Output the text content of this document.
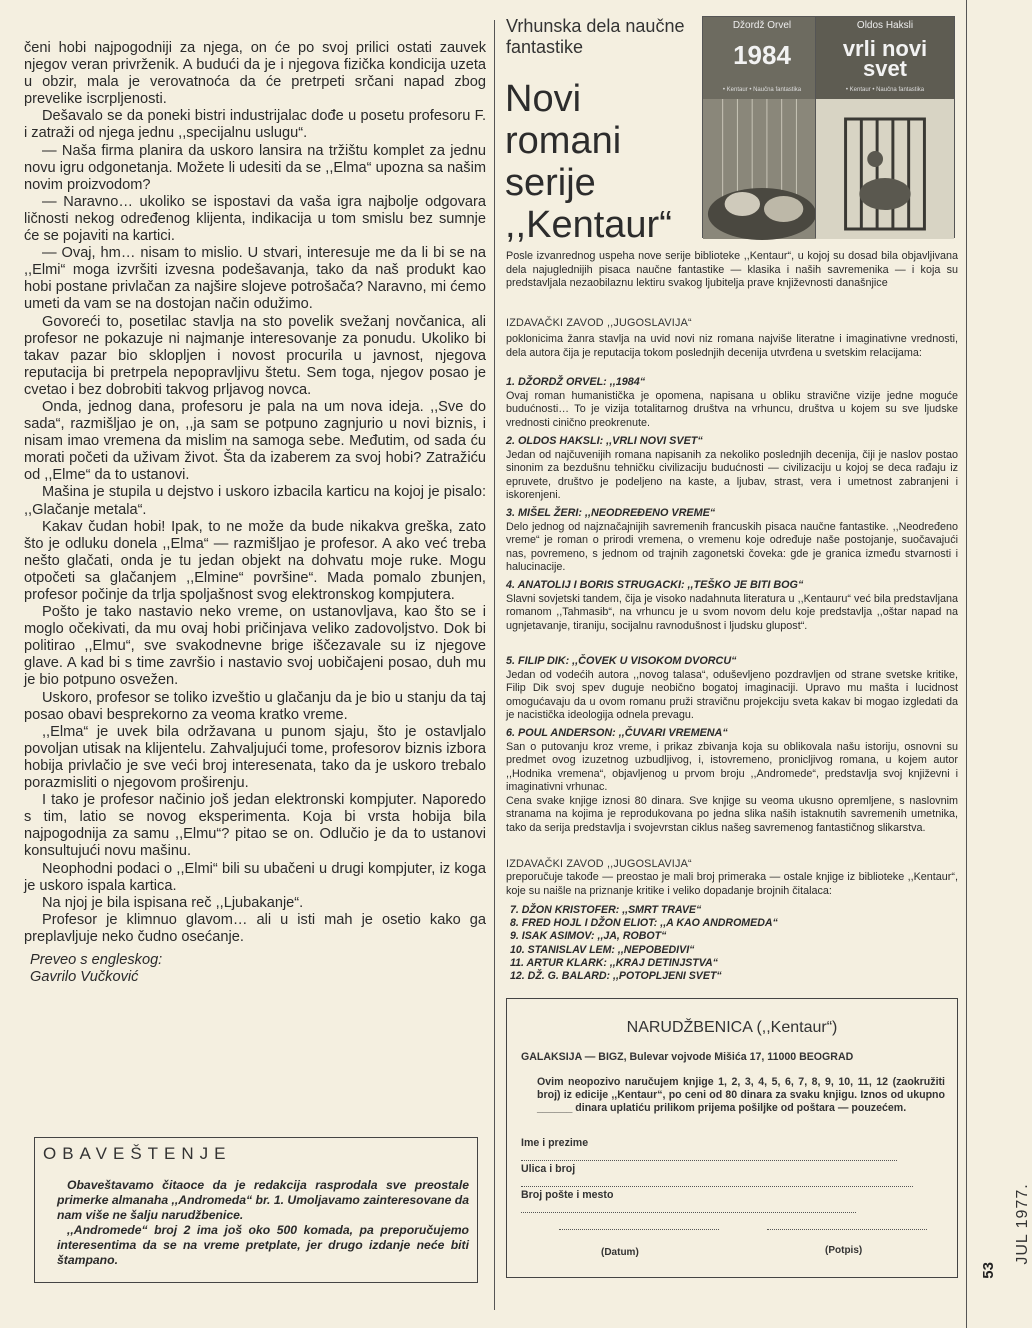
čeni hobi najpogodniji za njega, on će po svoj prilici ostati zauvek njegov veran privrženik. A budući da je i njegova fizička kondicija uzeta u obzir, mala je verovatnoća da će pretrpeti srčani napad zbog prevelike iscrpljenosti.

Dešavalo se da poneki bistri industrijalac dođe u posetu profesoru F. i zatraži od njega jednu ,,specijalnu uslugu“.

— Naša firma planira da uskoro lansira na tržištu komplet za jednu novu igru odgonetanja. Možete li udesiti da se ,,Elma“ upozna sa našim novim proizvodom?

— Naravno… ukoliko se ispostavi da vaša igra najbolje odgovara ličnosti nekog određenog klijenta, indikacija u tom smislu bez sumnje će se pojaviti na kartici.

— Ovaj, hm… nisam to mislio. U stvari, interesuje me da li bi se na ,,Elmi“ moga izvršiti izvesna podešavanja, tako da naš produkt kao hobi postane privlačan za najšire slojeve potrošača? Naravno, mi ćemo umeti da vam se na dostojan način odužimo.

Govoreći to, posetilac stavlja na sto povelik svežanj novčanica, ali profesor ne pokazuje ni najmanje interesovanje za ponudu. Ukoliko bi takav pazar bio sklopljen i novost procurila u javnost, njegova reputacija bi pretrpela nepopravljivu štetu. Sem toga, njegov posao je cvetao i bez dobrobiti takvog prljavog novca.

Onda, jednog dana, profesoru je pala na um nova ideja. ,,Sve do sada“, razmišljao je on, ,,ja sam se potpuno zagnjurio u novi biznis, i nisam imao vremena da mislim na samoga sebe. Međutim, od sada ću morati početi da uživam život. Šta da izaberem za svoj hobi? Zatražiću od ,,Elme“ da to ustanovi.

Mašina je stupila u dejstvo i uskoro izbacila karticu na kojoj je pisalo: ,,Glačanje metala“.

Kakav čudan hobi! Ipak, to ne može da bude nikakva greška, zato što je odluku donela ,,Elma“ — razmišljao je profesor. A ako već treba nešto glačati, onda je tu jedan objekt na dohvatu moje ruke. Mogu otpočeti sa glačanjem ,,Elmine“ površine“. Mada pomalo zbunjen, profesor počinje da trlja spoljašnost svog elektronskog kompjutera.

Pošto je tako nastavio neko vreme, on ustanovljava, kao što se i moglo očekivati, da mu ovaj hobi pričinjava veliko zadovoljstvo. Dok bi politirao ,,Elmu“, sve svakodnevne brige iščezavale su iz njegove glave. A kad bi s time završio i nastavio svoj uobičajeni posao, duh mu je bio potpuno osvežen.

Uskoro, profesor se toliko izveštio u glačanju da je bio u stanju da taj posao obavi besprekorno za veoma kratko vreme.

,,Elma“ je uvek bila održavana u punom sjaju, što je ostavljalo povoljan utisak na klijentelu. Zahvaljujući tome, profesorov biznis izbora hobija privlačio je sve veći broj interesenata, tako da je uskoro trebalo porazmisliti o njegovom proširenju.

I tako je profesor načinio još jedan elektronski kompjuter. Naporedo s tim, latio se novog eksperimenta. Koja bi vrsta hobija bila najpogodnija za samu ,,Elmu“? pitao se on. Odlučio je da to ustanovi konsultujući novu mašinu.

Neophodni podaci o ,,Elmi“ bili su ubačeni u drugi kompjuter, iz koga je uskoro ispala kartica.

Na njoj je bila ispisana reč ,,Ljubakanje“.

Profesor je klimnuo glavom… ali u isti mah je osetio kako ga preplavljuje neko čudno osećanje.

Preveo s engleskog:

Gavrilo Vučković

OBAVEŠTENJE

Obaveštavamo čitaoce da je redakcija rasprodala sve preostale primerke almanaha ,,Andromeda“ br. 1. Umoljavamo zainteresovane da nam više ne šalju narudžbenice.

,,Andromede“ broj 2 ima još oko 500 komada, pa preporučujemo interesentima da se na vreme pretplate, jer drugo izdanje neće biti štampano.

Vrhunska dela naučne fantastike
Novi romani serije ,,Kentaur“
Džordž Orvel
1984
• Kentaur • Naučna fantastika
Oldos Haksli
vrli novi svet
• Kentaur • Naučna fantastika
Posle izvanrednog uspeha nove serije biblioteke ,,Kentaur“, u kojoj su dosad bila objavljivana dela najuglednijih pisaca naučne fantastike — klasika i naših savremenika — i koja su predstavljala nezaobilaznu lektiru svakog ljubitelja prave književnosti današnjice
IZDAVAČKI ZAVOD ,,JUGOSLAVIJA“
poklonicima žanra stavlja na uvid novi niz romana najviše literatne i imaginativne vrednosti, dela autora čija je reputacija tokom poslednjih decenija utvrđena u svetskim relacijama:
1. DŽORDŽ ORVEL: ,,1984“

Ovaj roman humanistička je opomena, napisana u obliku stravične vizije jedne moguće budućnosti… To je vizija totalitarnog društva na vrhuncu, društva u kojem su sve ljudske vrednosti cinično preokrenute.

2. OLDOS HAKSLI: ,,VRLI NOVI SVET“

Jedan od najčuvenijih romana napisanih za nekoliko poslednjih decenija, čiji je naslov postao sinonim za bezdušnu tehničku civilizaciju budućnosti — civilizaciju u kojoj se deca rađaju iz epruvete, društvo je podeljeno na kaste, a ljubav, strast, vera i umetnost zabranjeni i iskorenjeni.

3. MIŠEL ŽERI: ,,NEODREĐENO VREME“

Delo jednog od najznačajnijih savremenih francuskih pisaca naučne fantastike. ,,Neodređeno vreme“ je roman o prirodi vremena, o vremenu koje određuje naše postojanje, suočavajući nas, povremeno, s jednom od trajnih zagonetski čoveka: gde je granica između stvarnosti i halucinacije.

4. ANATOLIJ I BORIS STRUGACKI: ,,TEŠKO JE BITI BOG“

Slavni sovjetski tandem, čija je visoko nadahnuta literatura u ,,Kentauru“ već bila predstavljana romanom ,,Tahmasib“, na vrhuncu je u svom novom delu koje predstavlja ,,oštar napad na ugnjetavanje, tiraniju, socijalnu ravnodušnost i ljudsku glupost“.

5. FILIP DIK: ,,ČOVEK U VISOKOM DVORCU“

Jedan od vodećih autora ,,novog talasa“, oduševljeno pozdravljen od strane svetske kritike, Filip Dik svoj spev duguje neobično bogatoj imaginaciji. Upravo mu mašta i lucidnost omogućavaju da u ovom romanu pruži stravičnu projekciju sveta kakav bi mogao izgledati da je nacistička ideologija odnela prevagu.

6. POUL ANDERSON: ,,ČUVARI VREMENA“

San o putovanju kroz vreme, i prikaz zbivanja koja su oblikovala našu istoriju, osnovni su predmet ovog izuzetnog uzbudljivog, i, istovremeno, pronicljivog romana, u kojem autor ,,Hodnika vremena“, objavljenog u prvom broju ,,Andromede“, predstavlja svoj književni i imaginativni vrhunac.

Cena svake knjige iznosi 80 dinara. Sve knjige su veoma ukusno opremljene, s naslovnim stranama na kojima je reprodukovana po jedna slika naših istaknutih savremenih umetnika, tako da serija predstavlja i svojevrstan ciklus našeg savremenog fantastičnog slikarstva.

IZDAVAČKI ZAVOD ,,JUGOSLAVIJA“
preporučuje takođe — preostao je mali broj primeraka — ostale knjige iz biblioteke ,,Kentaur“, koje su naišle na priznanje kritike i veliko dopadanje brojnih čitalaca:
7. DŽON KRISTOFER: ,,SMRT TRAVE“
8. FRED HOJL I DŽON ELIOT: ,,A KAO ANDROMEDA“
9. ISAK ASIMOV: ,,JA, ROBOT“
10. STANISLAV LEM: ,,NEPOBEDIVI“
11. ARTUR KLARK: ,,KRAJ DETINJSTVA“
12. DŽ. G. BALARD: ,,POTOPLJENI SVET“
NARUDŽBENICA (,,Kentaur“)
GALAKSIJA — BIGZ, Bulevar vojvode Mišića 17, 11000 BEOGRAD
Ovim neopozivo naručujem knjige 1, 2, 3, 4, 5, 6, 7, 8, 9, 10, 11, 12 (zaokružiti broj) iz edicije ,,Kentaur“, po ceni od 80 dinara za svaku knjigu. Iznos od ukupno ______ dinara uplatiću prilikom prijema pošiljke od poštara — pouzećem.
Ime i prezime
Ulica i broj
Broj pošte i mesto
(Datum)	(Potpis)	JUL 1977.
53
